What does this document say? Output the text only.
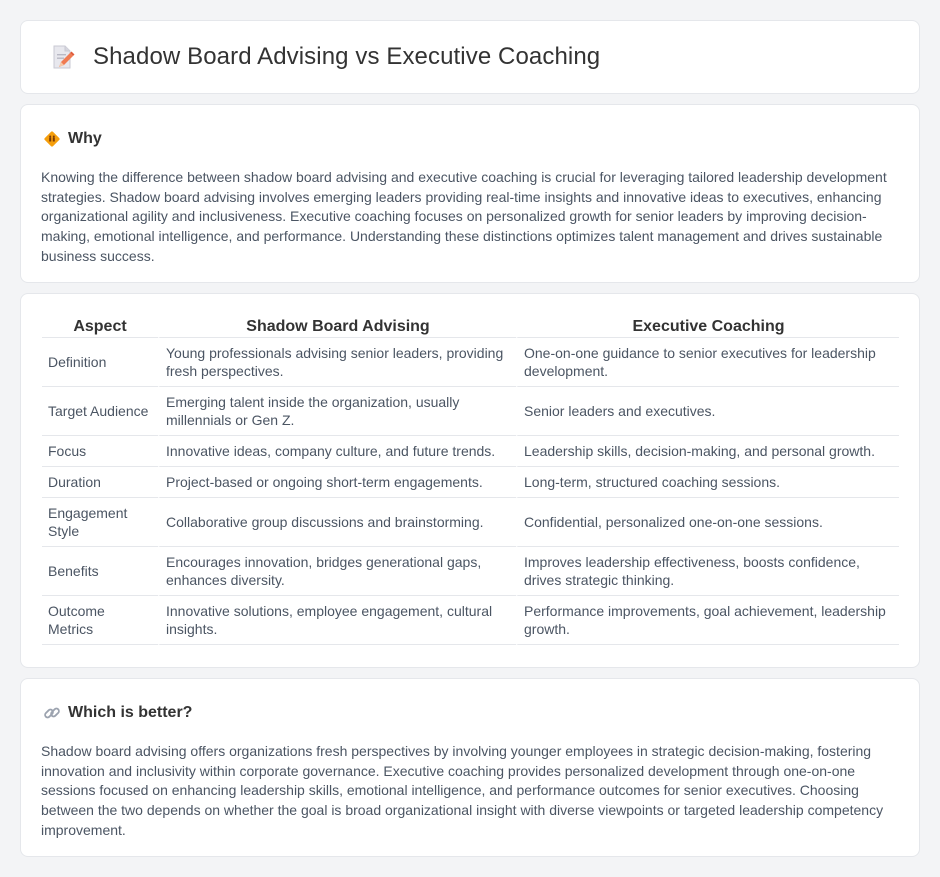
Shadow Board Advising vs Executive Coaching
Why

Knowing the difference between shadow board advising and executive coaching is crucial for leveraging tailored leadership development strategies. Shadow board advising involves emerging leaders providing real-time insights and innovative ideas to executives, enhancing organizational agility and inclusiveness. Executive coaching focuses on personalized growth for senior leaders by improving decision-making, emotional intelligence, and performance. Understanding these distinctions optimizes talent management and drives sustainable business success.

Aspect	Shadow Board Advising	Executive Coaching
Definition	Young professionals advising senior leaders, providing fresh perspectives.	One-on-one guidance to senior executives for leadership development.
Target Audience	Emerging talent inside the organization, usually millennials or Gen Z.	Senior leaders and executives.
Focus	Innovative ideas, company culture, and future trends.	Leadership skills, decision-making, and personal growth.
Duration	Project-based or ongoing short-term engagements.	Long-term, structured coaching sessions.
Engagement Style	Collaborative group discussions and brainstorming.	Confidential, personalized one-on-one sessions.
Benefits	Encourages innovation, bridges generational gaps, enhances diversity.	Improves leadership effectiveness, boosts confidence, drives strategic thinking.
Outcome Metrics	Innovative solutions, employee engagement, cultural insights.	Performance improvements, goal achievement, leadership growth.
Which is better?

Shadow board advising offers organizations fresh perspectives by involving younger employees in strategic decision-making, fostering innovation and inclusivity within corporate governance. Executive coaching provides personalized development through one-on-one sessions focused on enhancing leadership skills, emotional intelligence, and performance outcomes for senior executives. Choosing between the two depends on whether the goal is broad organizational insight with diverse viewpoints or targeted leadership competency improvement.
